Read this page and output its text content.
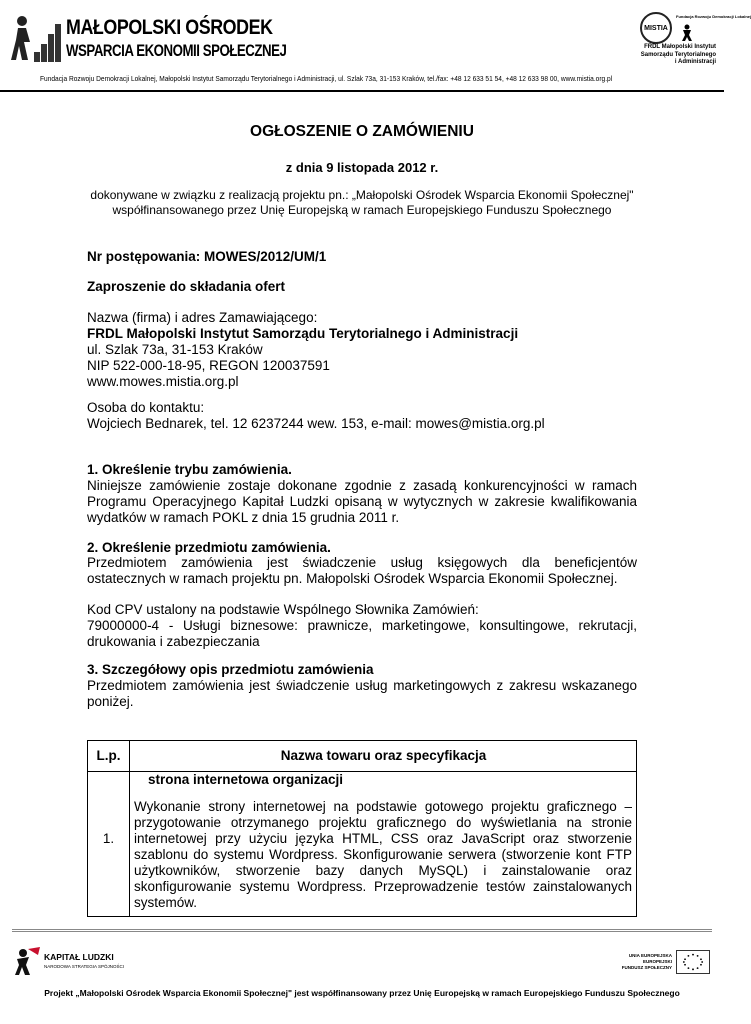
MAŁOPOLSKI OŚRODEK
WSPARCIA EKONOMII SPOŁECZNEJ
MISTIA
Fundacja Rozwoju Demokracji Lokalnej
FRDL Małopolski Instytut
Samorządu Terytorialnego
i Administracji
Fundacja Rozwoju Demokracji Lokalnej, Małopolski Instytut Samorządu Terytorialnego i Administracji, ul. Szlak 73a, 31-153 Kraków, tel./fax: +48 12 633 51 54, +48 12 633 98 00, www.mistia.org.pl
OGŁOSZENIE O ZAMÓWIENIU
z dnia 9 listopada 2012 r.
dokonywane w związku z realizacją projektu pn.: „Małopolski Ośrodek Wsparcia Ekonomii Społecznej"
współfinansowanego przez Unię Europejską w ramach Europejskiego Funduszu Społecznego
Nr postępowania: MOWES/2012/UM/1
Zaproszenie do składania ofert
Nazwa (firma) i adres Zamawiającego:
FRDL Małopolski Instytut Samorządu Terytorialnego i Administracji
ul. Szlak 73a, 31-153 Kraków
NIP 522-000-18-95, REGON 120037591
www.mowes.mistia.org.pl
Osoba do kontaktu:
Wojciech Bednarek, tel. 12 6237244 wew. 153, e-mail: mowes@mistia.org.pl
1. Określenie trybu zamówienia.
Niniejsze zamówienie zostaje dokonane zgodnie z zasadą konkurencyjności w ramach Programu Operacyjnego Kapitał Ludzki opisaną w wytycznych w zakresie kwalifikowania wydatków w ramach POKL z dnia 15 grudnia 2011 r.
2. Określenie przedmiotu zamówienia.
Przedmiotem zamówienia jest świadczenie usług księgowych dla beneficjentów ostatecznych w ramach projektu pn. Małopolski Ośrodek Wsparcia Ekonomii Społecznej.
Kod CPV ustalony na podstawie Wspólnego Słownika Zamówień:
79000000-4 - Usługi biznesowe: prawnicze, marketingowe, konsultingowe, rekrutacji, drukowania i zabezpieczania
3. Szczegółowy opis przedmiotu zamówienia
Przedmiotem zamówienia jest świadczenie usług marketingowych z zakresu wskazanego poniżej.
L.p.	Nazwa towaru oraz specyfikacja
1.
strona internetowa organizacji
Wykonanie strony internetowej na podstawie gotowego projektu graficznego – przygotowanie otrzymanego projektu graficznego do wyświetlania na stronie internetowej przy użyciu języka HTML, CSS oraz JavaScript oraz stworzenie szablonu do systemu Wordpress. Skonfigurowanie serwera (stworzenie kont FTP użytkowników, stworzenie bazy danych MySQL) i zainstalowanie oraz skonfigurowanie systemu Wordpress. Przeprowadzenie testów zainstalowanych systemów.
KAPITAŁ LUDZKI
NARODOWA STRATEGIA SPÓJNOŚCI
UNIA EUROPEJSKA
EUROPEJSKI
FUNDUSZ SPOŁECZNY
Projekt „Małopolski Ośrodek Wsparcia Ekonomii Społecznej" jest współfinansowany przez Unię Europejską w ramach Europejskiego Funduszu Społecznego
